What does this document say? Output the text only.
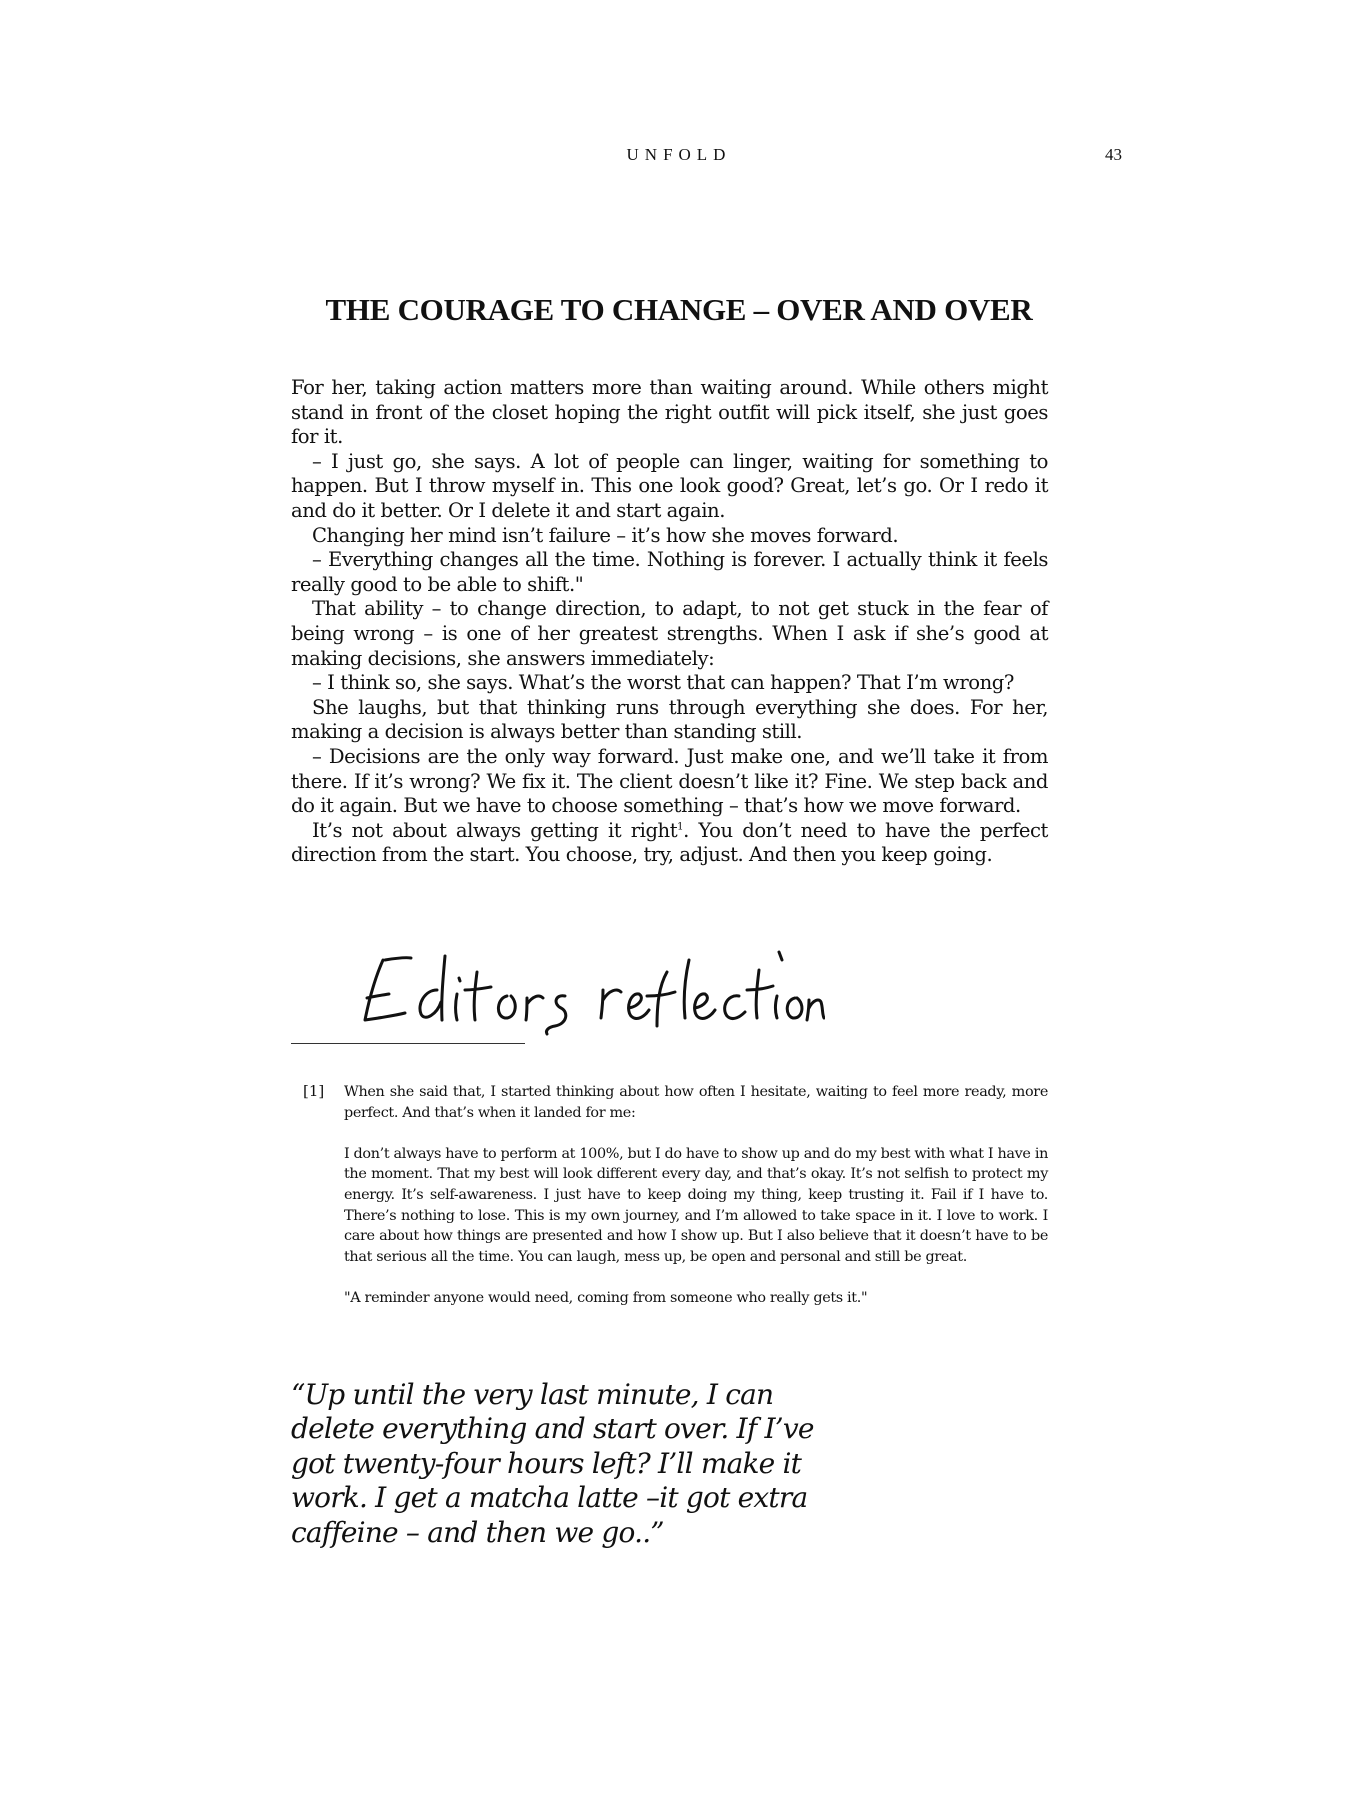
UNFOLD	43
THE COURAGE TO CHANGE – OVER AND OVER

For her, taking action matters more than waiting around. While others might stand in front of the closet hoping the right outfit will pick itself, she just goes for it.

– I just go, she says. A lot of people can linger, waiting for something to happen. But I throw myself in. This one look good? Great, let’s go. Or I redo it and do it better. Or I delete it and start again.

Changing her mind isn’t failure – it’s how she moves forward.

– Everything changes all the time. Nothing is forever. I actually think it feels really good to be able to shift."

That ability – to change direction, to adapt, to not get stuck in the fear of being wrong – is one of her greatest strengths. When I ask if she’s good at making decisions, she answers immediately:

– I think so, she says. What’s the worst that can happen? That I’m wrong?

She laughs, but that thinking runs through everything she does. For her, making a decision is always better than standing still.

– Decisions are the only way forward. Just make one, and we’ll take it from there. If it’s wrong? We fix it. The client doesn’t like it? Fine. We step back and do it again. But we have to choose something – that’s how we move forward.

It’s not about always getting it right$^1$. You don’t need to have the perfect direction from the start. You choose, try, adjust. And then you keep going.

[1] When she said that, I started thinking about how often I hesitate, waiting to feel more ready, more perfect. And that’s when it landed for me:

I don’t always have to perform at 100%, but I do have to show up and do my best with what I have in the moment. That my best will look different every day, and that’s okay. It’s not selfish to protect my energy. It’s self-awareness. I just have to keep doing my thing, keep trusting it. Fail if I have to. There’s nothing to lose. This is my own journey, and I’m allowed to take space in it. I love to work. I care about how things are presented and how I show up. But I also believe that it doesn’t have to be that serious all the time. You can laugh, mess up, be open and personal and still be great.

"A reminder anyone would need, coming from someone who really gets it."

“Up until the very last minute, I can
delete everything and start over. If I’ve
got twenty-four hours left? I’ll make it
work. I get a matcha latte –it got extra
caffeine – and then we go..”
